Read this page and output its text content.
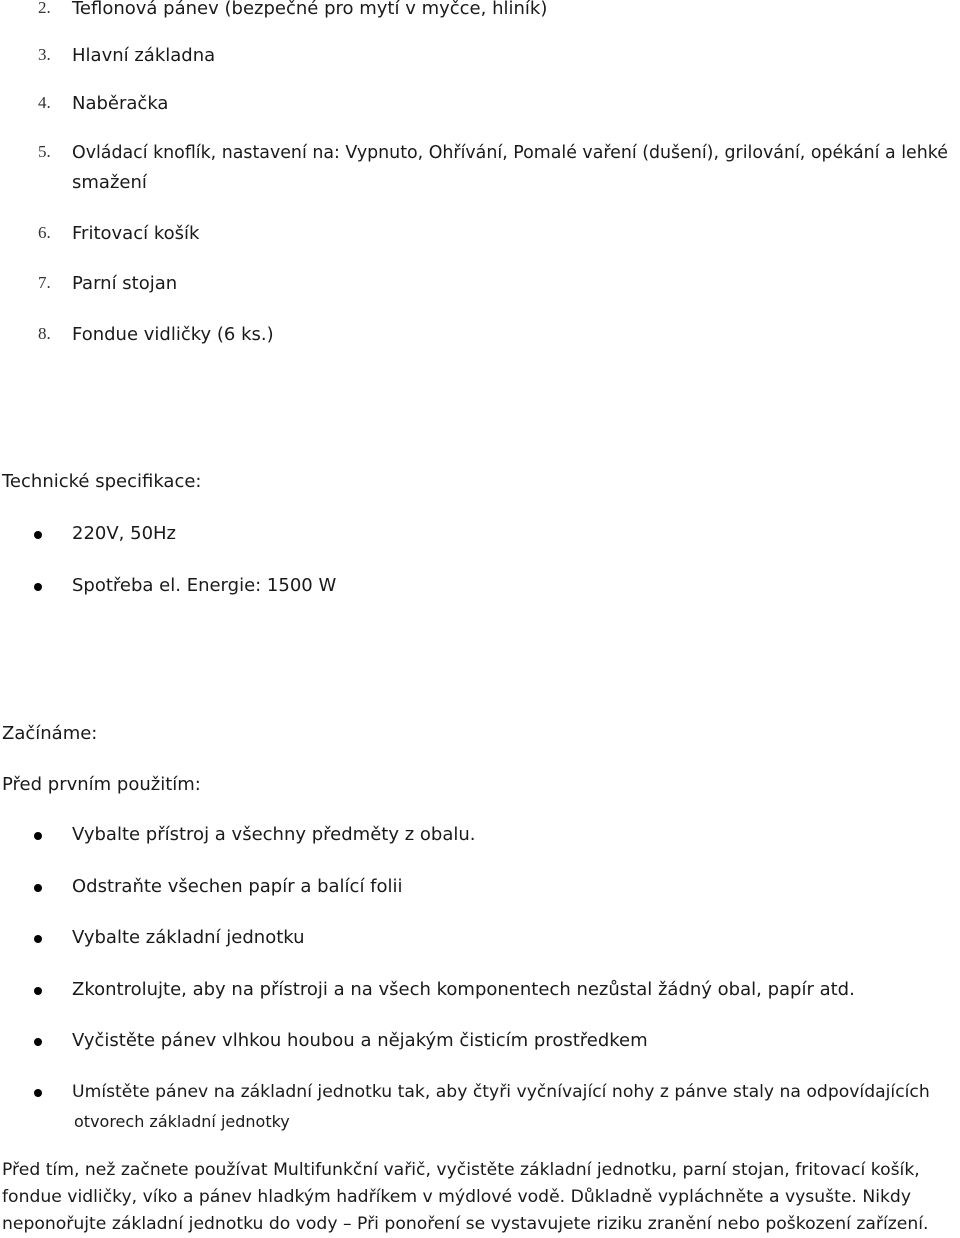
2. Teflonová pánev (bezpečné pro mytí v myčce, hliník)
3. Hlavní základna
4. Naběračka
5. Ovládací knoflík, nastavení na: Vypnuto, Ohřívání, Pomalé vaření (dušení), grilování, opékání a lehké
smažení
6. Fritovací košík
7. Parní stojan
8. Fondue vidličky (6 ks.)
Technické specifikace:
220V, 50Hz
Spotřeba el. Energie: 1500 W
Začínáme:
Před prvním použitím:
Vybalte přístroj a všechny předměty z obalu.
Odstraňte všechen papír a balící folii
Vybalte základní jednotku
Zkontrolujte, aby na přístroji a na všech komponentech nezůstal žádný obal, papír atd.
Vyčistěte pánev vlhkou houbou a nějakým čisticím prostředkem
Umístěte pánev na základní jednotku tak, aby čtyři vyčnívající nohy z pánve staly na odpovídajících
otvorech základní jednotky
Před tím, než začnete používat Multifunkční vařič, vyčistěte základní jednotku, parní stojan, fritovací košík,
fondue vidličky, víko a pánev hladkým hadříkem v mýdlové vodě. Důkladně vypláchněte a vysušte. Nikdy
neponořujte základní jednotku do vody – Při ponoření se vystavujete riziku zranění nebo poškození zařízení.
